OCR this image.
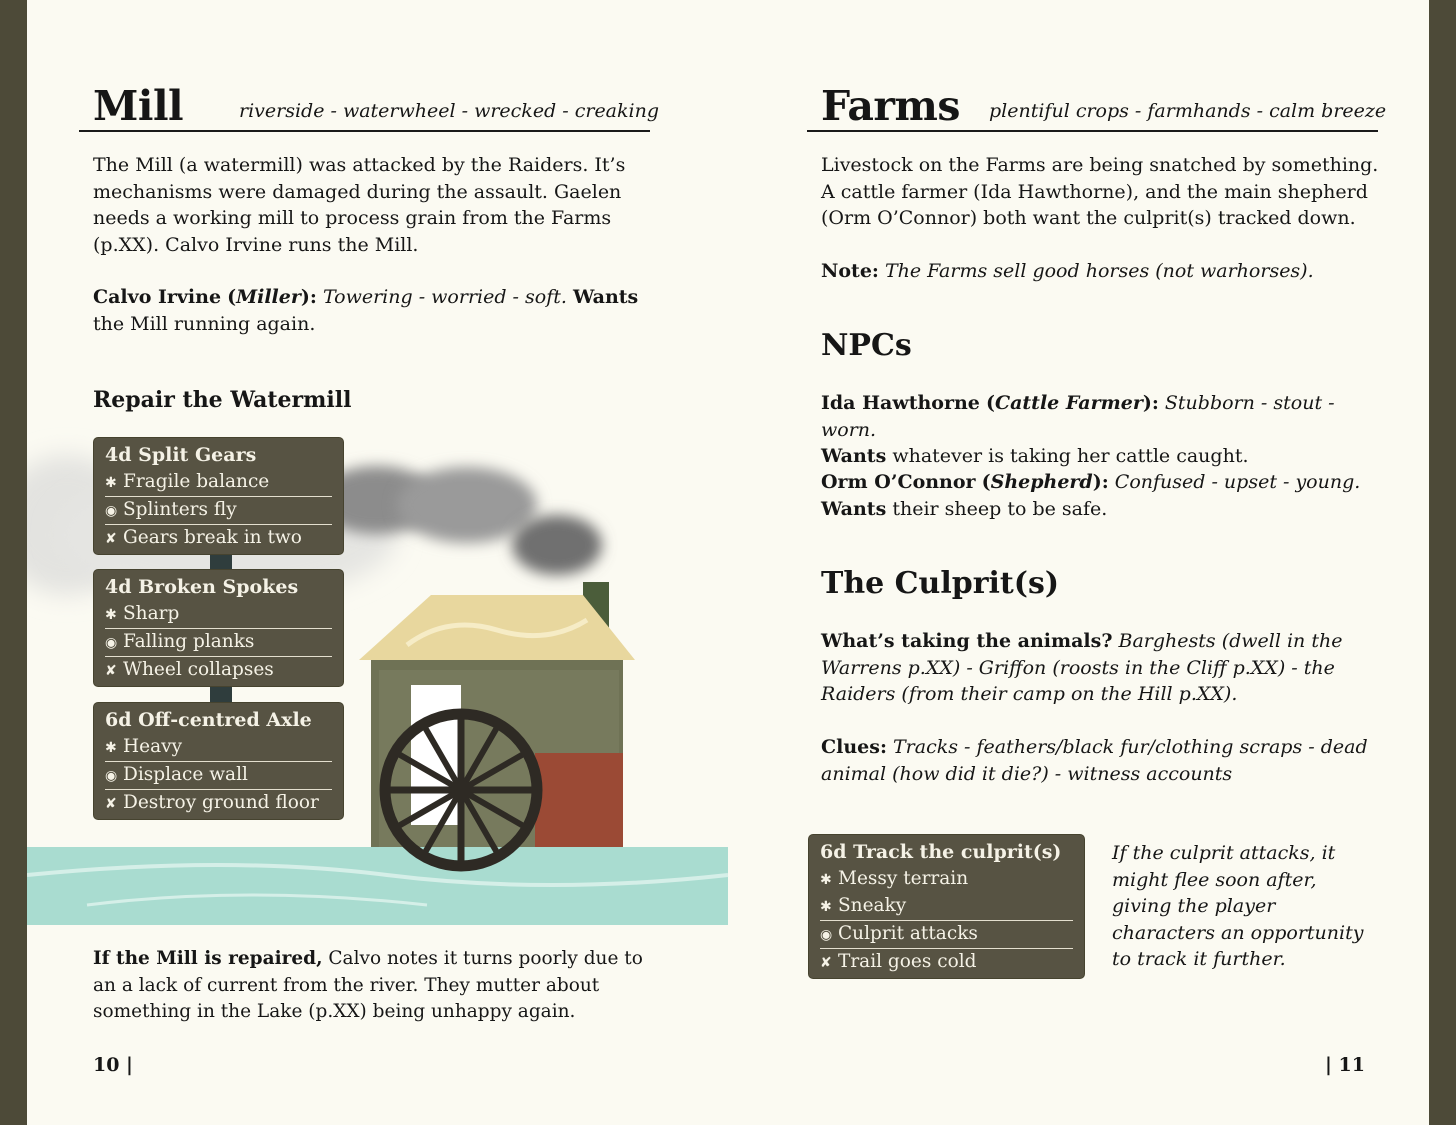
Mill	riverside - waterwheel - wrecked - creaking
The Mill (a watermill) was attacked by the Raiders. It’s
mechanisms were damaged during the assault. Gaelen
needs a working mill to process grain from the Farms
(p.XX). Calvo Irvine runs the Mill.
Calvo Irvine (Miller): Towering - worried - soft. Wants
the Mill running again.
Repair the Watermill
4d Split Gears
✱ Fragile balance
◉ Splinters fly
✘ Gears break in two
4d Broken Spokes
✱ Sharp
◉ Falling planks
✘ Wheel collapses
6d Off-centred Axle
✱ Heavy
◉ Displace wall
✘ Destroy ground floor
If the Mill is repaired, Calvo notes it turns poorly due to
an a lack of current from the river. They mutter about
something in the Lake (p.XX) being unhappy again.
10 |
Farms plentiful crops - farmhands - calm breeze
Livestock on the Farms are being snatched by something.
A cattle farmer (Ida Hawthorne), and the main shepherd
(Orm O’Connor) both want the culprit(s) tracked down.
Note: The Farms sell good horses (not warhorses).
NPCs
Ida Hawthorne (Cattle Farmer): Stubborn - stout - worn.
Wants whatever is taking her cattle caught.
Orm O’Connor (Shepherd): Confused - upset - young.
Wants their sheep to be safe.
The Culprit(s)
What’s taking the animals? Barghests (dwell in the
Warrens p.XX) - Griffon (roosts in the Cliff p.XX) - the
Raiders (from their camp on the Hill p.XX).
Clues: Tracks - feathers/black fur/clothing scraps - dead
animal (how did it die?) - witness accounts
6d Track the culprit(s)
✱ Messy terrain
✱ Sneaky
◉ Culprit attacks
✘ Trail goes cold
If the culprit attacks, it
might flee soon after,
giving the player
characters an opportunity
to track it further.
| 11
